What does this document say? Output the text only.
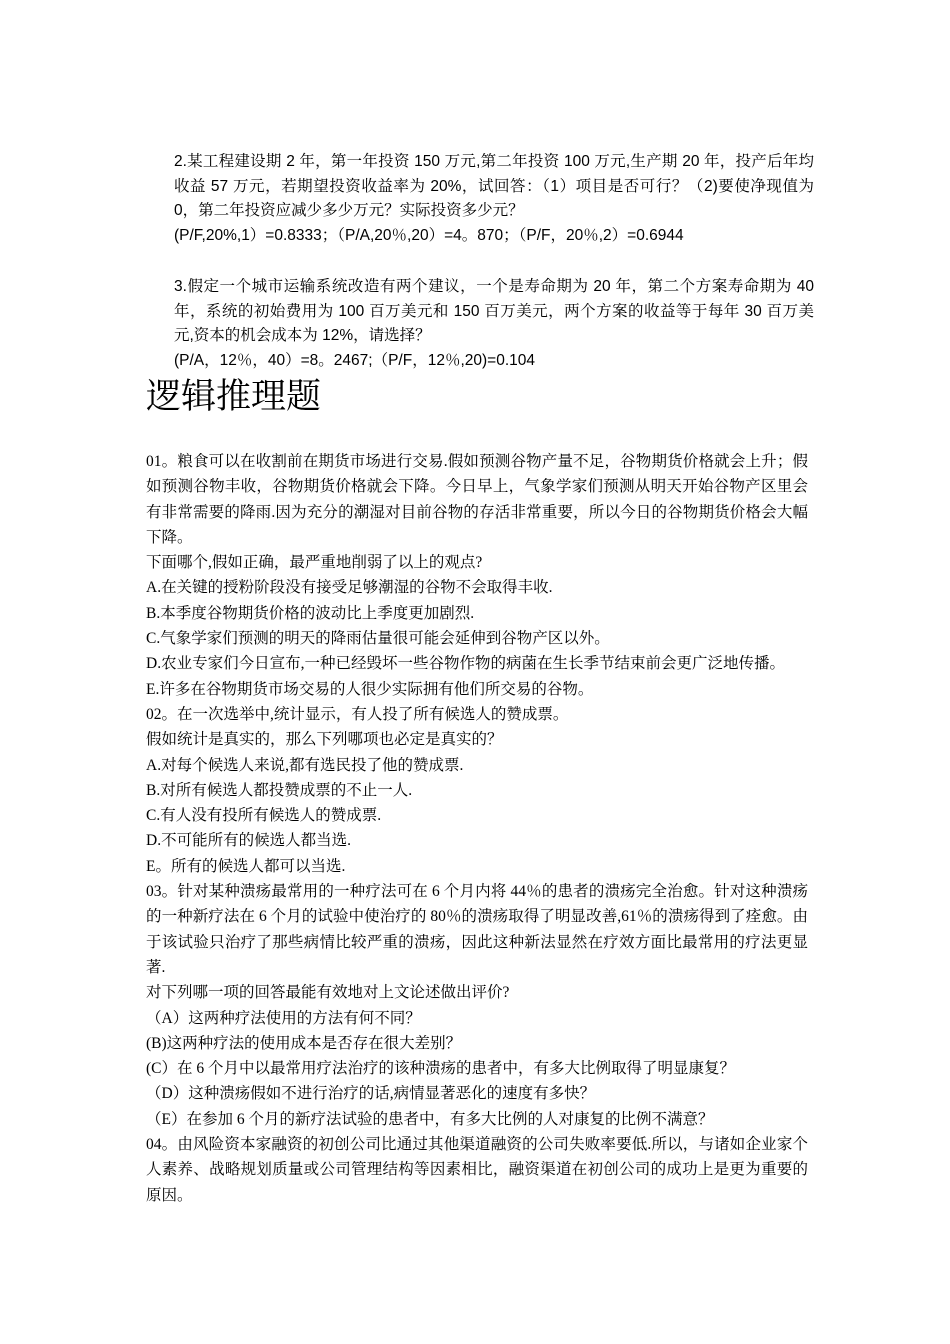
2.某工程建设期 2 年，第一年投资 150 万元,第二年投资 100 万元,生产期 20 年，投产后年均收益 57 万元，若期望投资收益率为 20%，试回答：（1）项目是否可行？（2)要使净现值为 0，第二年投资应减少多少万元？实际投资多少元？

(P/F,20%,1）=0.8333；（P/A,20％,20）=4。870；（P/F，20％,2）=0.6944

3.假定一个城市运输系统改造有两个建议，一个是寿命期为 20 年，第二个方案寿命期为 40 年，系统的初始费用为 100 百万美元和 150 百万美元，两个方案的收益等于每年 30 百万美元,资本的机会成本为 12%，请选择？

(P/A，12％，40）=8。2467;（P/F，12％,20)=0.104

逻辑推理题

01。粮食可以在收割前在期货市场进行交易.假如预测谷物产量不足，谷物期货价格就会上升；假如预测谷物丰收，谷物期货价格就会下降。今日早上，气象学家们预测从明天开始谷物产区里会有非常需要的降雨.因为充分的潮湿对目前谷物的存活非常重要，所以今日的谷物期货价格会大幅下降。

下面哪个,假如正确，最严重地削弱了以上的观点?

A.在关键的授粉阶段没有接受足够潮湿的谷物不会取得丰收.

B.本季度谷物期货价格的波动比上季度更加剧烈.

C.气象学家们预测的明天的降雨估量很可能会延伸到谷物产区以外。

D.农业专家们今日宣布,一种已经毁坏一些谷物作物的病菌在生长季节结束前会更广泛地传播。

E.许多在谷物期货市场交易的人很少实际拥有他们所交易的谷物。

02。在一次选举中,统计显示，有人投了所有候选人的赞成票。

假如统计是真实的，那么下列哪项也必定是真实的？

A.对每个候选人来说,都有选民投了他的赞成票.

B.对所有候选人都投赞成票的不止一人.

C.有人没有投所有候选人的赞成票.

D.不可能所有的候选人都当选.

E。所有的候选人都可以当选.

03。针对某种溃疡最常用的一种疗法可在 6 个月内将 44％的患者的溃疡完全治愈。针对这种溃疡的一种新疗法在 6 个月的试验中使治疗的 80％的溃疡取得了明显改善,61％的溃疡得到了痊愈。由于该试验只治疗了那些病情比较严重的溃疡，因此这种新法显然在疗效方面比最常用的疗法更显著.

对下列哪一项的回答最能有效地对上文论述做出评价?

（A）这两种疗法使用的方法有何不同？

(B)这两种疗法的使用成本是否存在很大差别？

(C）在 6 个月中以最常用疗法治疗的该种溃疡的患者中，有多大比例取得了明显康复？

（D）这种溃疡假如不进行治疗的话,病情显著恶化的速度有多快？

（E）在参加 6 个月的新疗法试验的患者中，有多大比例的人对康复的比例不满意？

04。由风险资本家融资的初创公司比通过其他渠道融资的公司失败率要低.所以，与诸如企业家个人素养、战略规划质量或公司管理结构等因素相比，融资渠道在初创公司的成功上是更为重要的原因。
